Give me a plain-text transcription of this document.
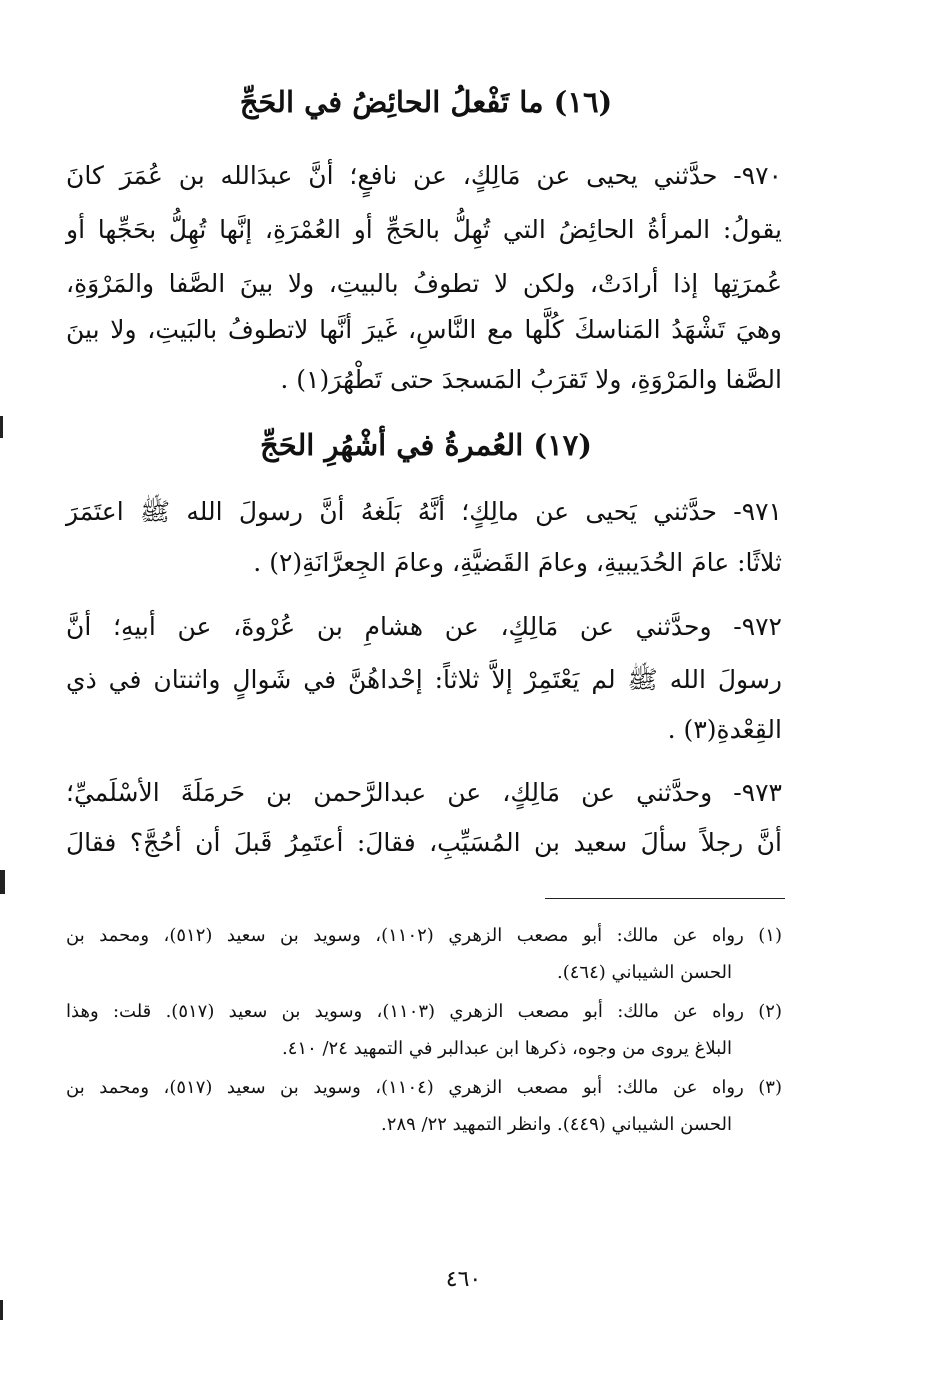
(١٦) ما تَفْعلُ الحائِضُ في الحَجِّ
٩٧٠- حدَّثني يحيى عن مَالِكٍ، عن نافعٍ؛ أنَّ عبدَالله بن عُمَرَ كانَ
يقولُ: المرأةُ الحائِضُ التي تُهِلُّ بالحَجِّ أو العُمْرَةِ، إنَّها تُهِلُّ بحَجِّها أو
عُمرَتِها إذا أرادَتْ، ولكن لا تطوفُ بالبيتِ، ولا بينَ الصَّفا والمَرْوَةِ،
وهيَ تَشْهَدُ المَناسكَ كُلَّها مع النَّاسِ، غَيرَ أنَّها لاتطوفُ بالبَيتِ، ولا بينَ
الصَّفا والمَرْوَةِ، ولا تَقرَبُ المَسجدَ حتى تَطْهُرَ(١) .
(١٧) العُمرةُ في أشْهُرِ الحَجِّ
٩٧١- حدَّثني يَحيى عن مالِكٍ؛ أنَّهُ بَلَغهُ أنَّ رسولَ الله ﷺ اعتَمَرَ
ثلاثًا: عامَ الحُدَيبيةِ، وعامَ القَضيَّةِ، وعامَ الجِعرَّانَةِ(٢) .
٩٧٢- وحدَّثني عن مَالِكٍ، عن هشامِ بن عُرْوةَ، عن أبيهِ؛ أنَّ
رسولَ الله ﷺ لم يَعْتَمِرْ إلاَّ ثلاثاً: إحْداهُنَّ في شَوالٍ واثنتان في ذي
القِعْدةِ(٣) .
٩٧٣- وحدَّثني عن مَالِكٍ، عن عبدالرَّحمن بن حَرمَلَةَ الأسْلَميِّ؛
أنَّ رجلاً سألَ سعيد بن المُسَيِّبِ، فقالَ: أعتَمِرُ قَبلَ أن أحُجَّ؟ فقالَ
(١) رواه عن مالك: أبو مصعب الزهري (١١٠٢)، وسويد بن سعيد (٥١٢)، ومحمد بن
الحسن الشيباني (٤٦٤).
(٢) رواه عن مالك: أبو مصعب الزهري (١١٠٣)، وسويد بن سعيد (٥١٧). قلت: وهذا
البلاغ يروى من وجوه، ذكرها ابن عبدالبر في التمهيد ٢٤/ ٤١٠.
(٣) رواه عن مالك: أبو مصعب الزهري (١١٠٤)، وسويد بن سعيد (٥١٧)، ومحمد بن
الحسن الشيباني (٤٤٩). وانظر التمهيد ٢٢/ ٢٨٩.
٤٦٠
